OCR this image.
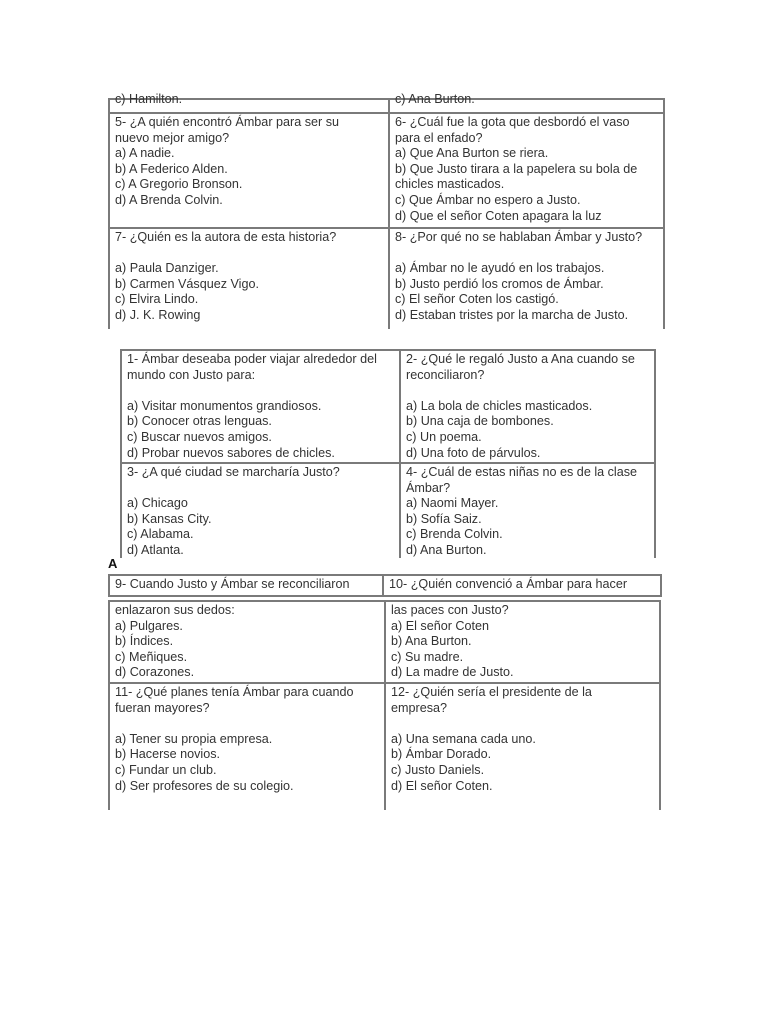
c) Hamilton.	c) Ana Burton.
5- ¿A quién encontró Ámbar para ser su
nuevo mejor amigo?
a) A nadie.
b) A Federico Alden.
c) A Gregorio Bronson.
d) A Brenda Colvin.
6- ¿Cuál fue la gota que desbordó el vaso
para el enfado?
a) Que Ana Burton se riera.
b) Que Justo tirara a la papelera su bola de
chicles masticados.
c) Que Ámbar no espero a Justo.
d) Que el señor Coten apagara la luz
7- ¿Quién es la autora de esta historia?
a) Paula Danziger.
b) Carmen Vásquez Vigo.
c) Elvira Lindo.
d) J. K. Rowing
8- ¿Por qué no se hablaban Ámbar y Justo?
a) Ámbar no le ayudó en los trabajos.
b) Justo perdió los cromos de Ámbar.
c) El señor Coten los castigó.
d) Estaban tristes por la marcha de Justo.
1- Ámbar deseaba poder viajar alrededor del
mundo con Justo para:
a) Visitar monumentos grandiosos.
b) Conocer otras lenguas.
c) Buscar nuevos amigos.
d) Probar nuevos sabores de chicles.
2- ¿Qué le regaló Justo a Ana cuando se
reconciliaron?
a) La bola de chicles masticados.
b) Una caja de bombones.
c) Un poema.
d) Una foto de párvulos.
3- ¿A qué ciudad se marcharía Justo?
a) Chicago
b) Kansas City.
c) Alabama.
d) Atlanta.
4- ¿Cuál de estas niñas no es de la clase
Ámbar?
a) Naomi Mayer.
b) Sofía Saiz.
c) Brenda Colvin.
d) Ana Burton.
A
9- Cuando Justo y Ámbar se reconciliaron	10- ¿Quién convenció a Ámbar para hacer
enlazaron sus dedos:
a) Pulgares.
b) Índices.
c) Meñiques.
d) Corazones.
las paces con Justo?
a) El señor Coten
b) Ana Burton.
c) Su madre.
d) La madre de Justo.
11- ¿Qué planes tenía Ámbar para cuando
fueran mayores?
a) Tener su propia empresa.
b) Hacerse novios.
c) Fundar un club.
d) Ser profesores de su colegio.
12- ¿Quién sería el presidente de la
empresa?
a) Una semana cada uno.
b) Ámbar Dorado.
c) Justo Daniels.
d) El señor Coten.
